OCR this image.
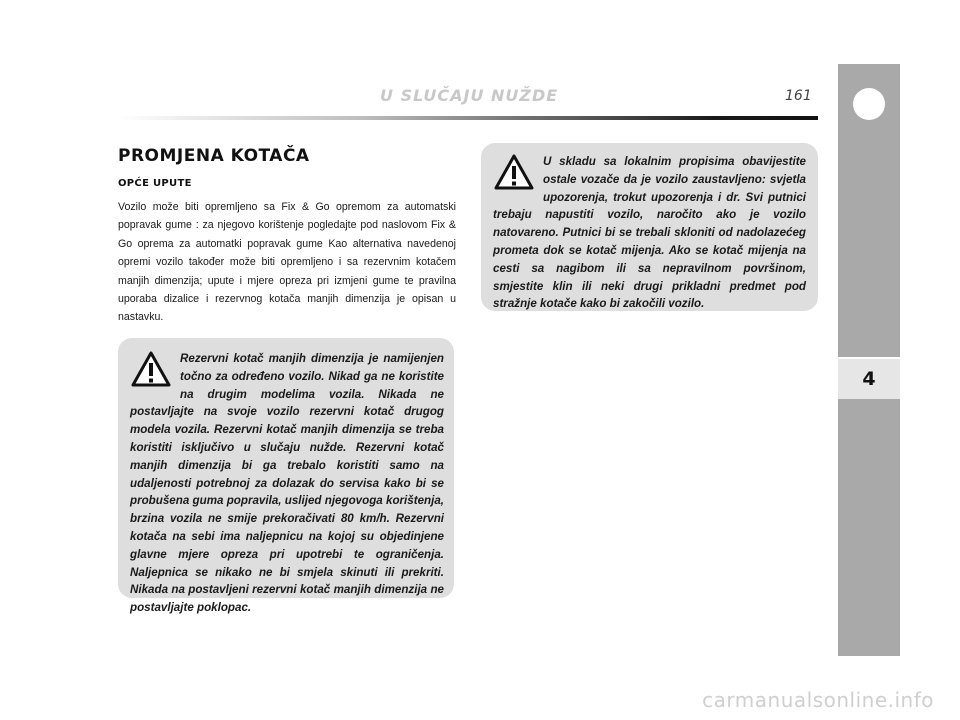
U SLUČAJU NUŽDE	161
4
PROMJENA KOTAČA
OPĆE UPUTE
Vozilo može biti opremljeno sa Fix & Go opremom za automatski popravak gume : za njegovo korištenje pogledajte pod naslovom Fix & Go oprema za automatki popravak gume Kao alternativa navedenoj opremi vozilo također može biti opremljeno i sa rezervnim kotačem manjih dimenzija; upute i mjere opreza pri izmjeni gume te pravilna uporaba dizalice i rezervnog kotača manjih dimenzija je opisan u nastavku.
Rezervni kotač manjih dimenzija je namijenjen točno za određeno vozilo. Nikad ga ne koristite na drugim modelima vozila. Nikada ne postavljajte na svoje vozilo rezervni kotač drugog modela vozila. Rezervni kotač manjih dimenzija se treba koristiti isključivo u slučaju nužde. Rezervni kotač manjih dimenzija bi ga trebalo koristiti samo na udaljenosti potrebnoj za dolazak do servisa kako bi se probušena guma popravila, uslijed njegovoga korištenja, brzina vozila ne smije prekoračivati 80 km/h. Rezervni kotača na sebi ima naljepnicu na kojoj su objedinjene glavne mjere opreza pri upotrebi te ograničenja. Naljepnica se nikako ne bi smjela skinuti ili prekriti. Nikada na postavljeni rezervni kotač manjih dimenzija ne postavljajte poklopac.
U skladu sa lokalnim propisima obavijestite ostale vozače da je vozilo zaustavljeno: svjetla upozorenja, trokut upozorenja i dr. Svi putnici trebaju napustiti vozilo, naročito ako je vozilo natovareno. Putnici bi se trebali skloniti od nadolazećeg prometa dok se kotač mijenja. Ako se kotač mijenja na cesti sa nagibom ili sa nepravilnom površinom, smjestite klin ili neki drugi prikladni predmet pod stražnje kotače kako bi zakočili vozilo.
carmanualsonline.info
